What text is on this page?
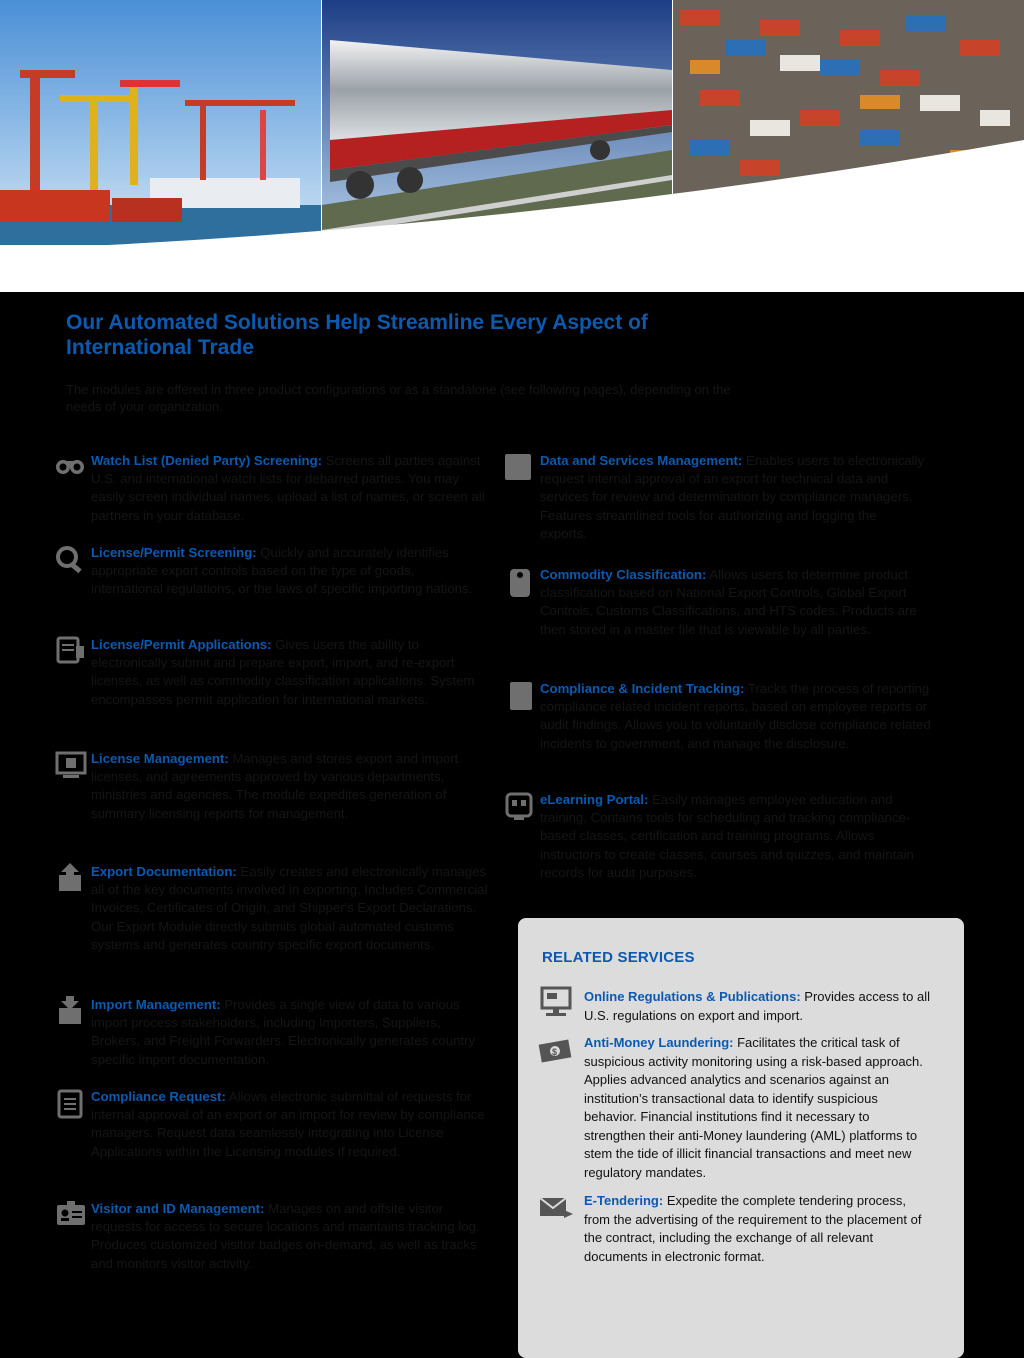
Our Automated Solutions Help Streamline Every Aspect of International Trade

The modules are offered in three product configurations or as a standalone (see following pages), depending on the needs of your organization.

Watch List (Denied Party) Screening: Screens all parties against U.S. and international watch lists for debarred parties. You may easily screen individual names, upload a list of names, or screen all partners in your database.
License/Permit Screening: Quickly and accurately identifies appropriate export controls based on the type of goods, international regulations, or the laws of specific importing nations.
License/Permit Applications: Gives users the ability to electronically submit and prepare export, import, and re-export licenses, as well as commodity classification applications. System encompasses permit application for international markets.
License Management: Manages and stores export and import licenses, and agreements approved by various departments, ministries and agencies. The module expedites generation of summary licensing reports for management.
Export Documentation: Easily creates and electronically manages all of the key documents involved in exporting. Includes Commercial Invoices, Certificates of Origin, and Shipper's Export Declarations. Our Export Module directly submits global automated customs systems and generates country specific export documents.
Import Management: Provides a single view of data to various import process stakeholders, including Importers, Suppliers, Brokers, and Freight Forwarders. Electronically generates country specific import documentation.
Compliance Request: Allows electronic submittal of requests for internal approval of an export or an import for review by compliance managers. Request data seamlessly integrating into License Applications within the Licensing modules if required.
Visitor and ID Management: Manages on and offsite visitor requests for access to secure locations and maintains tracking log. Produces customized visitor badges on-demand, as well as tracks and monitors visitor activity.
Data and Services Management: Enables users to electronically request internal approval of an export for technical data and services for review and determination by compliance managers. Features streamlined tools for authorizing and logging the exports.
Commodity Classification: Allows users to determine product classification based on National Export Controls, Global Export Controls, Customs Classifications, and HTS codes. Products are then stored in a master file that is viewable by all parties.
Compliance & Incident Tracking: Tracks the process of reporting compliance related incident reports, based on employee reports or audit findings. Allows you to voluntarily disclose compliance related incidents to government, and manage the disclosure.
eLearning Portal: Easily manages employee education and training. Contains tools for scheduling and tracking compliance-based classes, certification and training programs. Allows instructors to create classes, courses and quizzes, and maintain records for audit purposes.
RELATED SERVICES
Online Regulations & Publications: Provides access to all U.S. regulations on export and import.
$
Anti-Money Laundering: Facilitates the critical task of suspicious activity monitoring using a risk-based approach. Applies advanced analytics and scenarios against an institution’s transactional data to identify suspicious behavior. Financial institutions find it necessary to strengthen their anti-Money laundering (AML) platforms to stem the tide of illicit financial transactions and meet new regulatory mandates.
E-Tendering: Expedite the complete tendering process, from the advertising of the requirement to the placement of the contract, including the exchange of all relevant documents in electronic format.
